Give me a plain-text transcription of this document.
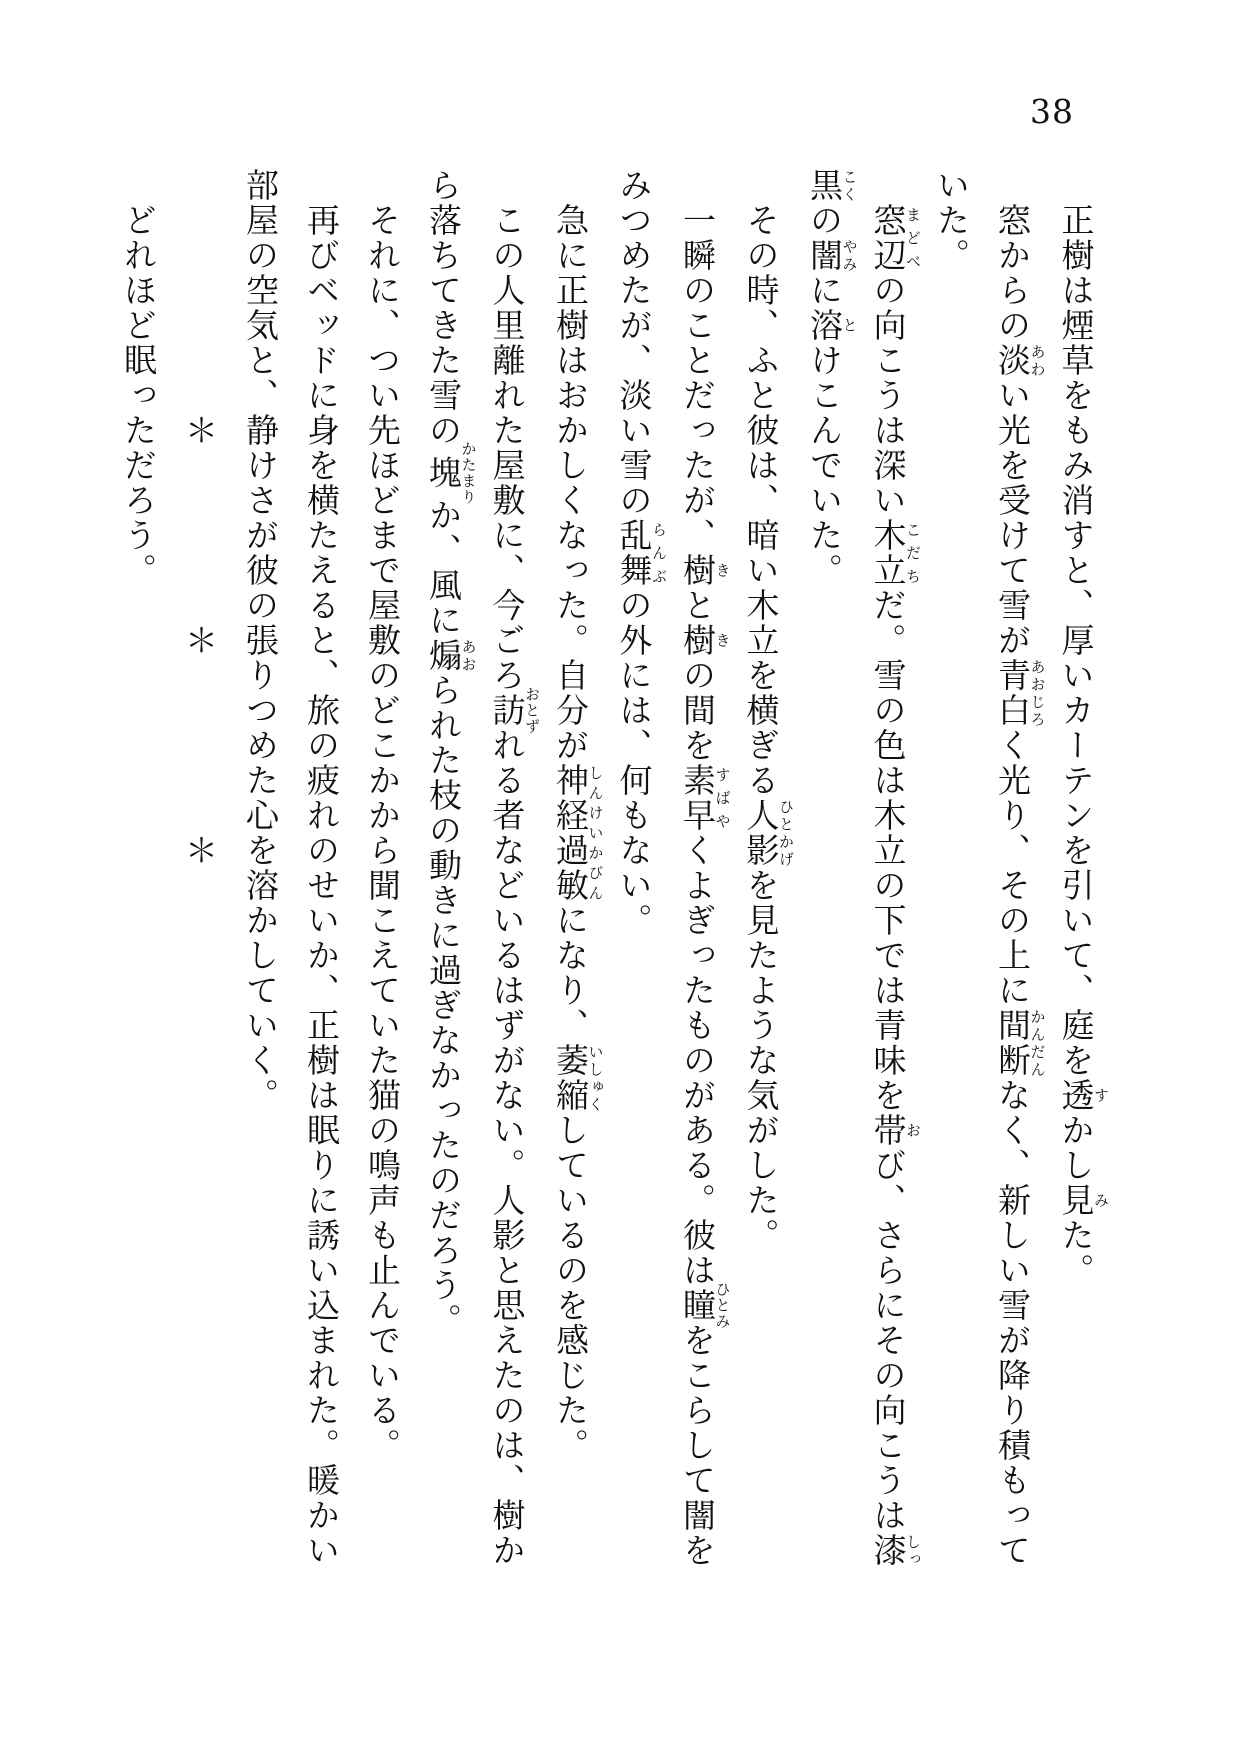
38

　正樹は煙草をもみ消すと、厚いカーテンを引いて、庭を透すかし見みた。

　窓からの淡あわい光を受けて雪が青白あおじろく光り、その上に間断かんだんなく、新しい雪が降り積もって

いた。

　窓辺まどべの向こうは深い木立こだちだ。雪の色は木立の下では青味を帯おび、さらにその向こうは漆しっ

黒こくの闇やみに溶とけこんでいた。

　その時、ふと彼は、暗い木立を横ぎる人影ひとかげを見たような気がした。

　一瞬のことだったが、樹きと樹きの間を素早すばやくよぎったものがある。彼は瞳ひとみをこらして闇を

みつめたが、淡い雪の乱舞らんぶの外には、何もない。

　急に正樹はおかしくなった。自分が神経過敏しんけいかびんになり、萎縮いしゅくしているのを感じた。

　この人里離れた屋敷に、今ごろ訪おとずれる者などいるはずがない。人影と思えたのは、樹か

ら落ちてきた雪の塊かたまりか、風に煽あおられた枝の動きに過ぎなかったのだろう。

　それに、つい先ほどまで屋敷のどこかから聞こえていた猫の鳴声も止んでいる。

　再びベッドに身を横たえると、旅の疲れのせいか、正樹は眠りに誘い込まれた。暖かい

部屋の空気と、静けさが彼の張りつめた心を溶かしていく。

　　　　　　　＊　　　　　＊　　　　　＊

　どれほど眠っただろう。
